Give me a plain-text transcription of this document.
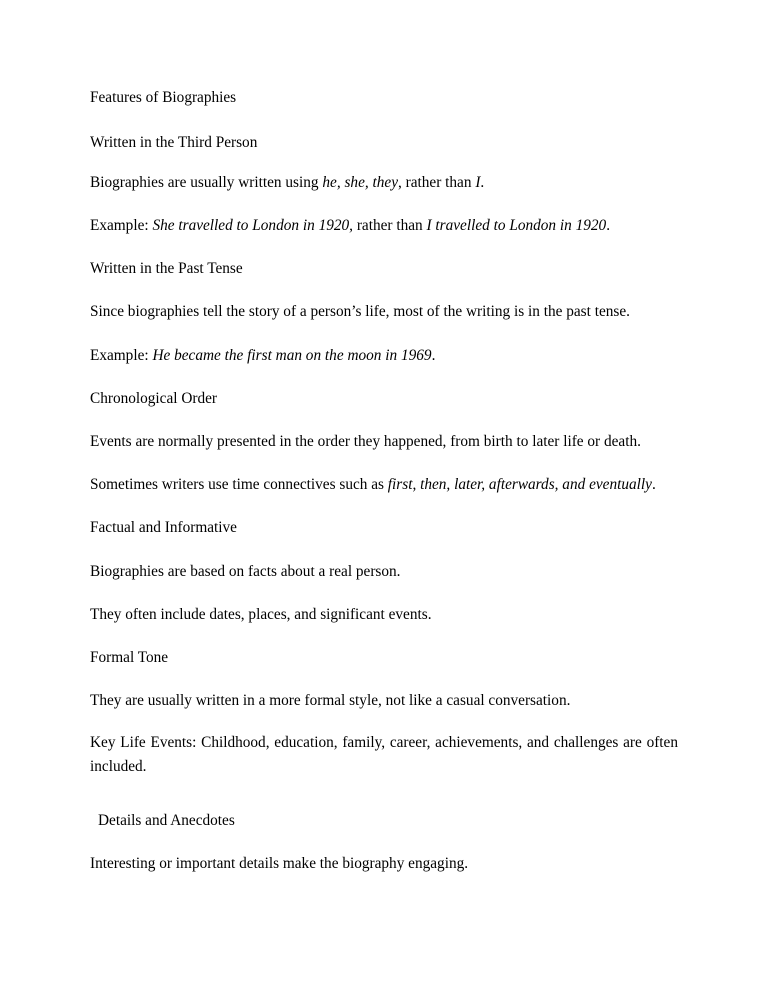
Features of Biographies
Written in the Third Person
Biographies are usually written using he, she, they, rather than I.
Example: She travelled to London in 1920, rather than I travelled to London in 1920.
Written in the Past Tense
Since biographies tell the story of a person’s life, most of the writing is in the past tense.
Example: He became the first man on the moon in 1969.
Chronological Order
Events are normally presented in the order they happened, from birth to later life or death.
Sometimes writers use time connectives such as first, then, later, afterwards, and eventually.
Factual and Informative
Biographies are based on facts about a real person.
They often include dates, places, and significant events.
Formal Tone
They are usually written in a more formal style, not like a casual conversation.
Key Life Events: Childhood, education, family, career, achievements, and challenges are often included.
Details and Anecdotes
Interesting or important details make the biography engaging.
